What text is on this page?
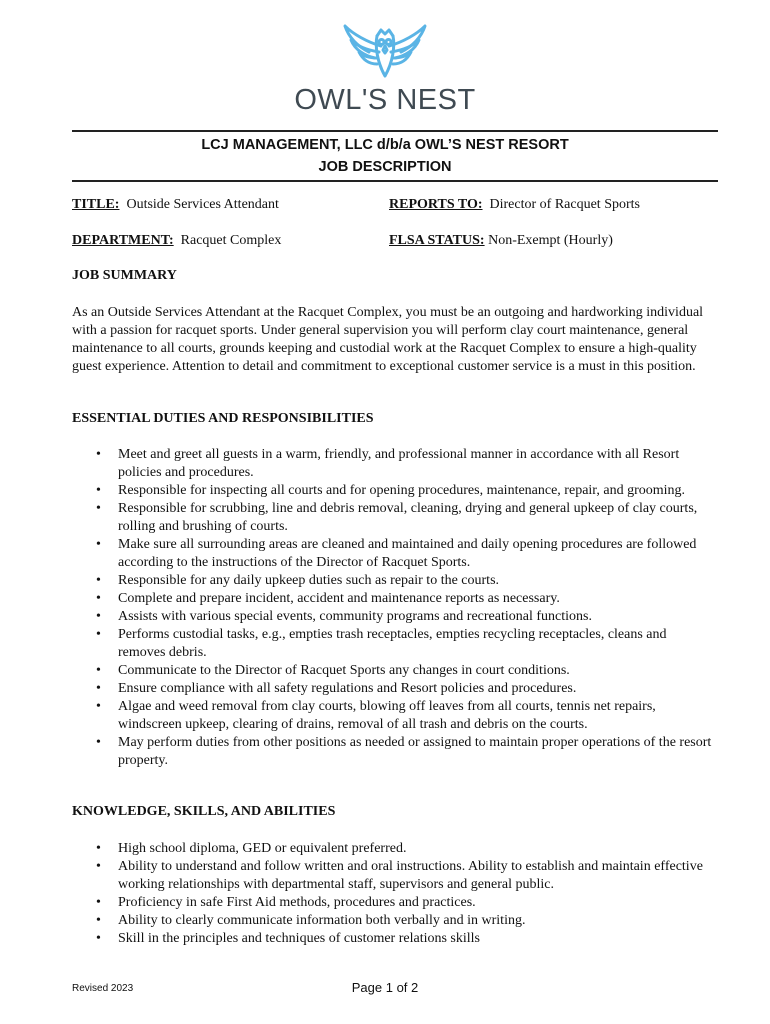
OWL'S NEST
LCJ MANAGEMENT, LLC d/b/a OWL’S NEST RESORT
JOB DESCRIPTION
TITLE: Outside Services Attendant	REPORTS TO: Director of Racquet Sports
DEPARTMENT: Racquet Complex	FLSA STATUS: Non-Exempt (Hourly)
JOB SUMMARY

As an Outside Services Attendant at the Racquet Complex, you must be an outgoing and hardworking individual with a passion for racquet sports. Under general supervision you will perform clay court maintenance, general maintenance to all courts, grounds keeping and custodial work at the Racquet Complex to ensure a high-quality guest experience. Attention to detail and commitment to exceptional customer service is a must in this position.

ESSENTIAL DUTIES AND RESPONSIBILITIES
• Meet and greet all guests in a warm, friendly, and professional manner in accordance with all Resort policies and procedures.
• Responsible for inspecting all courts and for opening procedures, maintenance, repair, and grooming.
• Responsible for scrubbing, line and debris removal, cleaning, drying and general upkeep of clay courts, rolling and brushing of courts.
• Make sure all surrounding areas are cleaned and maintained and daily opening procedures are followed according to the instructions of the Director of Racquet Sports.
• Responsible for any daily upkeep duties such as repair to the courts.
• Complete and prepare incident, accident and maintenance reports as necessary.
• Assists with various special events, community programs and recreational functions.
• Performs custodial tasks, e.g., empties trash receptacles, empties recycling receptacles, cleans and removes debris.
• Communicate to the Director of Racquet Sports any changes in court conditions.
• Ensure compliance with all safety regulations and Resort policies and procedures.
• Algae and weed removal from clay courts, blowing off leaves from all courts, tennis net repairs, windscreen upkeep, clearing of drains, removal of all trash and debris on the courts.
• May perform duties from other positions as needed or assigned to maintain proper operations of the resort property.
KNOWLEDGE, SKILLS, AND ABILITIES
• High school diploma, GED or equivalent preferred.
• Ability to understand and follow written and oral instructions. Ability to establish and maintain effective working relationships with departmental staff, supervisors and general public.
• Proficiency in safe First Aid methods, procedures and practices.
• Ability to clearly communicate information both verbally and in writing.
• Skill in the principles and techniques of customer relations skills
Revised 2023	Page 1 of 2
